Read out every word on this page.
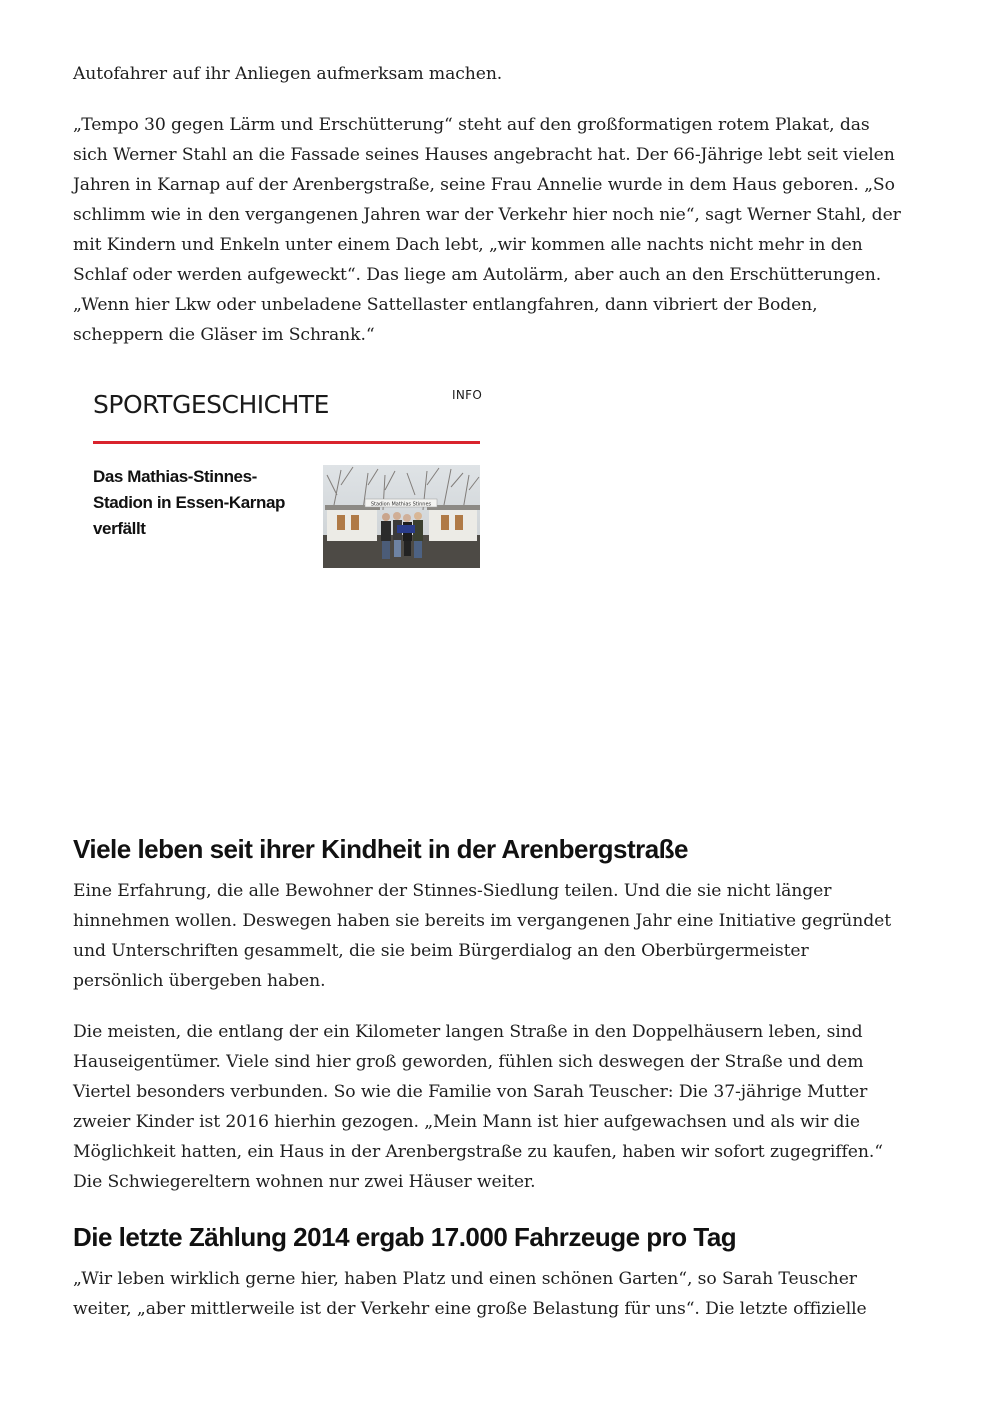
Autofahrer auf ihr Anliegen aufmerksam machen.

„Tempo 30 gegen Lärm und Erschütterung“ steht auf den großformatigen rotem Plakat, das
sich Werner Stahl an die Fassade seines Hauses angebracht hat. Der 66-Jährige lebt seit vielen
Jahren in Karnap auf der Arenbergstraße, seine Frau Annelie wurde in dem Haus geboren. „So
schlimm wie in den vergangenen Jahren war der Verkehr hier noch nie“, sagt Werner Stahl, der
mit Kindern und Enkeln unter einem Dach lebt, „wir kommen alle nachts nicht mehr in den
Schlaf oder werden aufgeweckt“. Das liege am Autolärm, aber auch an den Erschütterungen.
„Wenn hier Lkw oder unbeladene Sattellaster entlangfahren, dann vibriert der Boden,
scheppern die Gläser im Schrank.“

Viele leben seit ihrer Kindheit in der Arenbergstraße

Eine Erfahrung, die alle Bewohner der Stinnes-Siedlung teilen. Und die sie nicht länger
hinnehmen wollen. Deswegen haben sie bereits im vergangenen Jahr eine Initiative gegründet
und Unterschriften gesammelt, die sie beim Bürgerdialog an den Oberbürgermeister
persönlich übergeben haben.

Die meisten, die entlang der ein Kilometer langen Straße in den Doppelhäusern leben, sind
Hauseigentümer. Viele sind hier groß geworden, fühlen sich deswegen der Straße und dem
Viertel besonders verbunden. So wie die Familie von Sarah Teuscher: Die 37-jährige Mutter
zweier Kinder ist 2016 hierhin gezogen. „Mein Mann ist hier aufgewachsen und als wir die
Möglichkeit hatten, ein Haus in der Arenbergstraße zu kaufen, haben wir sofort zugegriffen.“
Die Schwiegereltern wohnen nur zwei Häuser weiter.

Die letzte Zählung 2014 ergab 17.000 Fahrzeuge pro Tag

„Wir leben wirklich gerne hier, haben Platz und einen schönen Garten“, so Sarah Teuscher
weiter, „aber mittlerweile ist der Verkehr eine große Belastung für uns“. Die letzte offizielle

SPORTGESCHICHTE	INFO
Das Mathias-Stinnes-
Stadion in Essen-Karnap
verfällt
Stadion Mathias Stinnes
